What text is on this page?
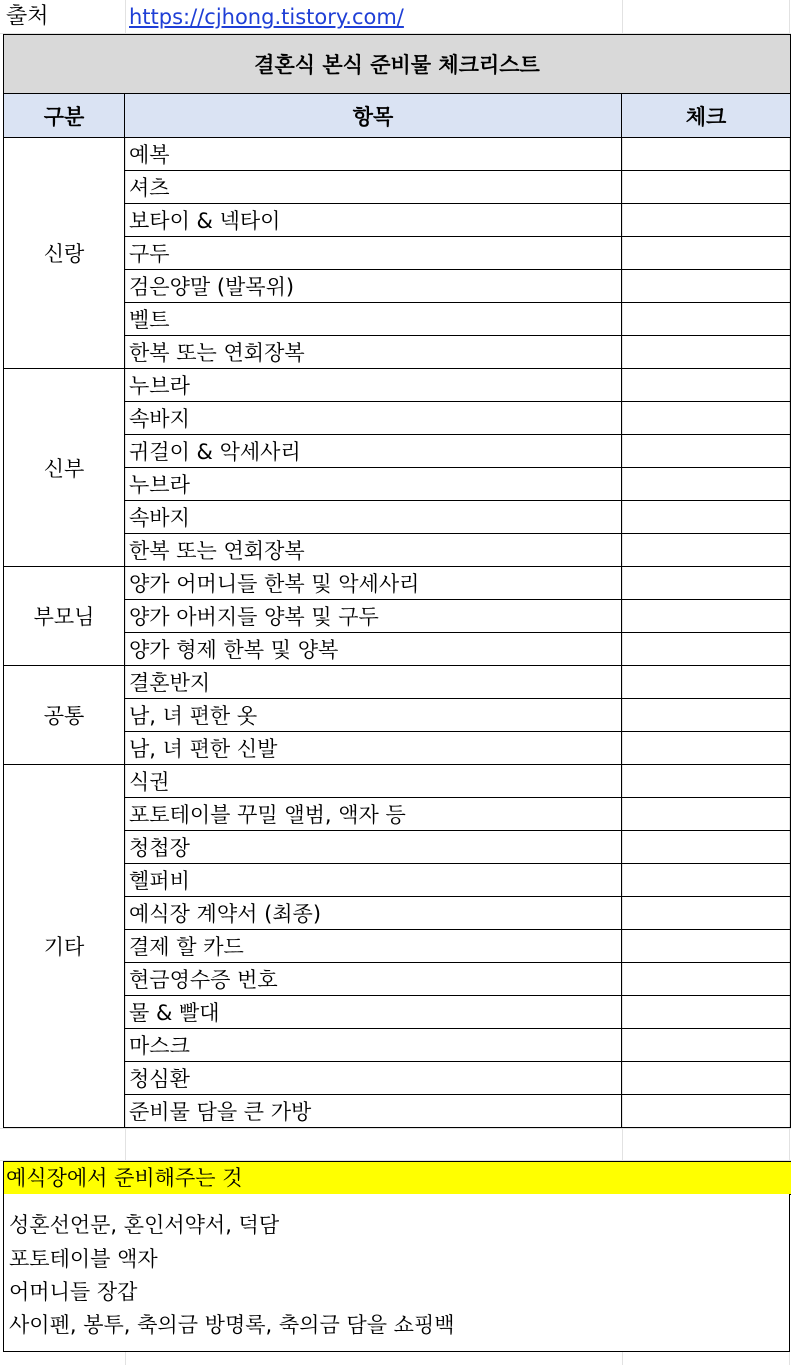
출처	https://cjhong.tistory.com/
결혼식 본식 준비물 체크리스트		
구분	항목	체크
신랑	예복	
	셔츠	
	보타이 & 넥타이	
	구두	
	검은양말 (발목위)	
	벨트	
	한복 또는 연회장복	
신부	누브라	
	속바지	
	귀걸이 & 악세사리	
	누브라	
	속바지	
	한복 또는 연회장복	
부모님	양가 어머니들 한복 및 악세사리	
	양가 아버지들 양복 및 구두	
	양가 형제 한복 및 양복	
공통	결혼반지	
	남, 녀 편한 옷	
	남, 녀 편한 신발	
기타	식권	
	포토테이블 꾸밀 앨범, 액자 등	
	청첩장	
	헬퍼비	
	예식장 계약서 (최종)	
	결제 할 카드	
	현금영수증 번호	
	물 & 빨대	
	마스크	
	청심환	
	준비물 담을 큰 가방	
예식장에서 준비해주는 것
성혼선언문, 혼인서약서, 덕담
포토테이블 액자
어머니들 장갑
사이펜, 봉투, 축의금 방명록, 축의금 담을 쇼핑백
